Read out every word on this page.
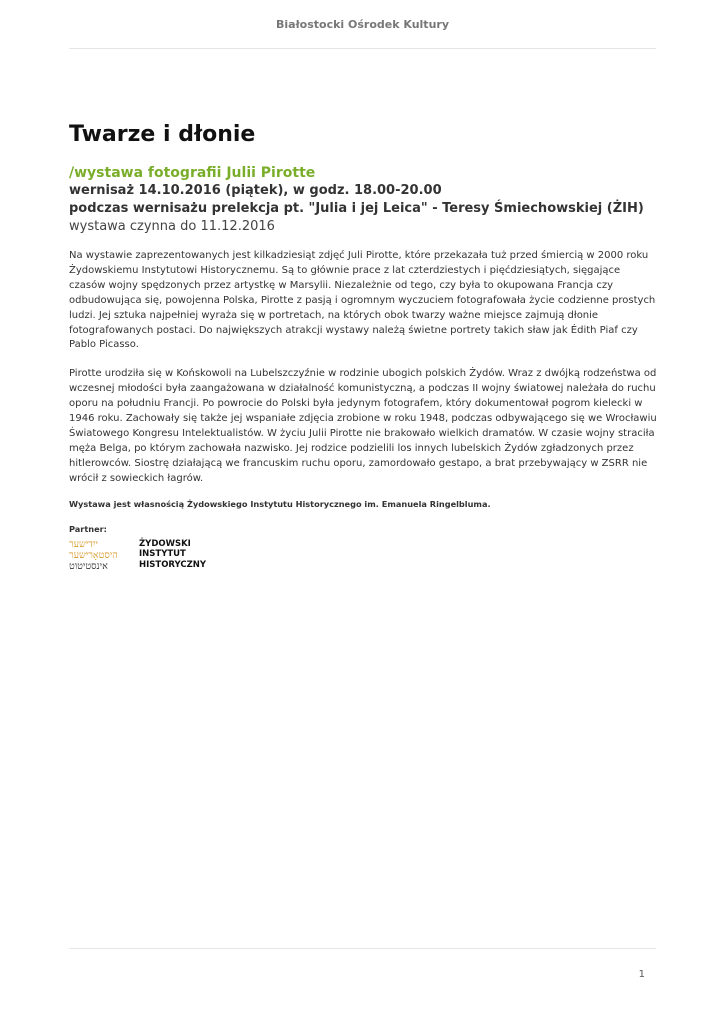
Białostocki Ośrodek Kultury
Twarze i dłonie
/wystawa fotografii Julii Pirotte
wernisaż 14.10.2016 (piątek), w godz. 18.00-20.00
podczas wernisażu prelekcja pt. "Julia i jej Leica" - Teresy Śmiechowskiej (ŻIH)
wystawa czynna do 11.12.2016

Na wystawie zaprezentowanych jest kilkadziesiąt zdjęć Juli Pirotte, które przekazała tuż przed śmiercią w 2000 roku Żydowskiemu Instytutowi Historycznemu. Są to głównie prace z lat czterdziestych i pięćdziesiątych, sięgające czasów wojny spędzonych przez artystkę w Marsylii. Niezależnie od tego, czy była to okupowana Francja czy odbudowująca się, powojenna Polska, Pirotte z pasją i ogromnym wyczuciem fotografowała życie codzienne prostych ludzi. Jej sztuka najpełniej wyraża się w portretach, na których obok twarzy ważne miejsce zajmują dłonie fotografowanych postaci. Do największych atrakcji wystawy należą świetne portrety takich sław jak Édith Piaf czy Pablo Picasso.

Pirotte urodziła się w Końskowoli na Lubelszczyźnie w rodzinie ubogich polskich Żydów. Wraz z dwójką rodzeństwa od wczesnej młodości była zaangażowana w działalność komunistyczną, a podczas II wojny światowej należała do ruchu oporu na południu Francji. Po powrocie do Polski była jedynym fotografem, który dokumentował pogrom kielecki w 1946 roku. Zachowały się także jej wspaniałe zdjęcia zrobione w roku 1948, podczas odbywającego się we Wrocławiu Światowego Kongresu Intelektualistów. W życiu Julii Pirotte nie brakowało wielkich dramatów. W czasie wojny straciła męża Belga, po którym zachowała nazwisko. Jej rodzice podzielili los innych lubelskich Żydów zgładzonych przez hitlerowców. Siostrę działającą we francuskim ruchu oporu, zamordowało gestapo, a brat przebywający w ZSRR nie wrócił z sowieckich łagrów.

Wystawa jest własnością Żydowskiego Instytutu Historycznego im. Emanuela Ringelbluma.
Partner:
ייִדישער
היסטאָרישער
אינסטיטוט
ŻYDOWSKI
INSTYTUT
HISTORYCZNY
1
